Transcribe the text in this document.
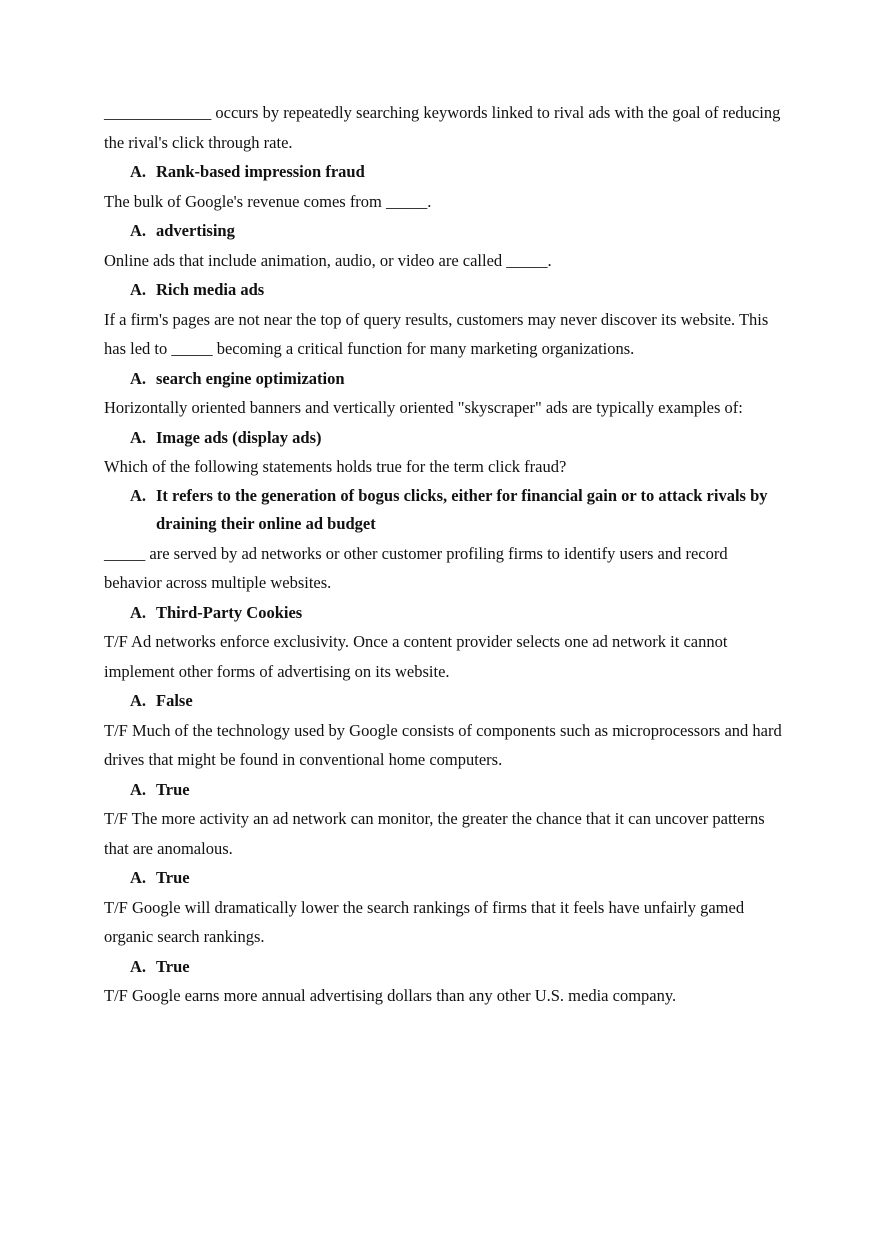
_____________ occurs by repeatedly searching keywords linked to rival ads with the goal of reducing the rival's click through rate.

A. Rank-based impression fraud

The bulk of Google's revenue comes from _____.

A. advertising

Online ads that include animation, audio, or video are called _____.

A. Rich media ads

If a firm's pages are not near the top of query results, customers may never discover its website. This has led to _____ becoming a critical function for many marketing organizations.

A. search engine optimization

Horizontally oriented banners and vertically oriented "skyscraper" ads are typically examples of:

A. Image ads (display ads)

Which of the following statements holds true for the term click fraud?

A. It refers to the generation of bogus clicks, either for financial gain or to attack rivals by draining their online ad budget

_____ are served by ad networks or other customer profiling firms to identify users and record behavior across multiple websites.

A. Third-Party Cookies

T/F Ad networks enforce exclusivity. Once a content provider selects one ad network it cannot implement other forms of advertising on its website.

A. False

T/F Much of the technology used by Google consists of components such as microprocessors and hard drives that might be found in conventional home computers.

A. True

T/F The more activity an ad network can monitor, the greater the chance that it can uncover patterns that are anomalous.

A. True

T/F Google will dramatically lower the search rankings of firms that it feels have unfairly gamed organic search rankings.

A. True

T/F Google earns more annual advertising dollars than any other U.S. media company.
